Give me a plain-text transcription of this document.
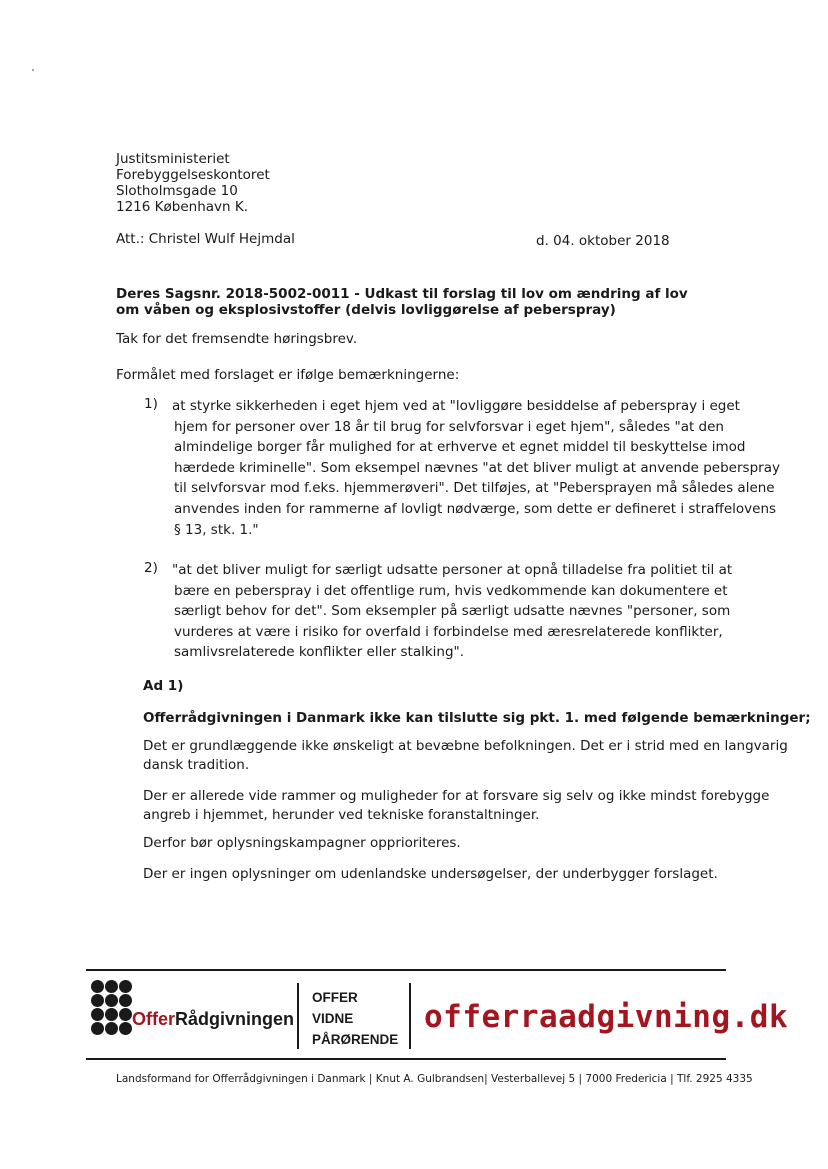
Justitsministeriet
Forebyggelseskontoret
Slotholmsgade 10
1216 København K.
Att.: Christel Wulf Hejmdal	d. 04. oktober 2018
Deres Sagsnr. 2018-5002-0011 - Udkast til forslag til lov om ændring af lov om våben og eksplosivstoffer (delvis lovliggørelse af peberspray)
Tak for det fremsendte høringsbrev.
Formålet med forslaget er ifølge bemærkningerne:
1) at styrke sikkerheden i eget hjem ved at "lovliggøre besiddelse af peberspray i eget
hjem for personer over 18 år til brug for selvforsvar i eget hjem", således "at den
almindelige borger får mulighed for at erhverve et egnet middel til beskyttelse imod
hærdede kriminelle". Som eksempel nævnes "at det bliver muligt at anvende peberspray
til selvforsvar mod f.eks. hjemmerøveri". Det tilføjes, at "Pebersprayen må således alene
anvendes inden for rammerne af lovligt nødværge, som dette er defineret i straffelovens
§ 13, stk. 1."
2) "at det bliver muligt for særligt udsatte personer at opnå tilladelse fra politiet til at
bære en peberspray i det offentlige rum, hvis vedkommende kan dokumentere et
særligt behov for det". Som eksempler på særligt udsatte nævnes "personer, som
vurderes at være i risiko for overfald i forbindelse med æresrelaterede konflikter,
samlivsrelaterede konflikter eller stalking".
Ad 1)
Offerrådgivningen i Danmark ikke kan tilslutte sig pkt. 1. med følgende bemærkninger;
Det er grundlæggende ikke ønskeligt at bevæbne befolkningen. Det er i strid med en langvarig
dansk tradition.
Der er allerede vide rammer og muligheder for at forsvare sig selv og ikke mindst forebygge
angreb i hjemmet, herunder ved tekniske foranstaltninger.
Derfor bør oplysningskampagner opprioriteres.
Der er ingen oplysninger om udenlandske undersøgelser, der underbygger forslaget.
OfferRådgivningen
OFFER
VIDNE
PÅRØRENDE
offerraadgivning.dk
Landsformand for Offerrådgivningen i Danmark | Knut A. Gulbrandsen| Vesterballevej 5 | 7000 Fredericia | Tlf. 2925 4335
